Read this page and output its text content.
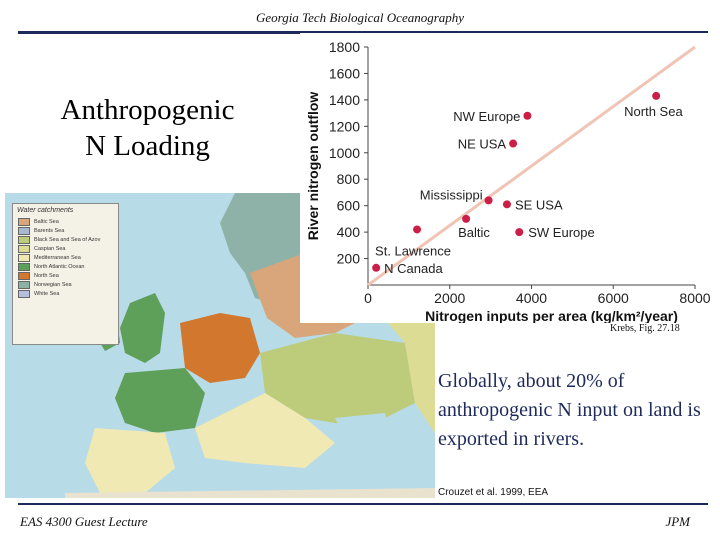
Georgia Tech Biological Oceanography
Anthropogenic
N Loading
Water catchments
Baltic Sea
Barents Sea
Black Sea and Sea of Azov
Caspian Sea
Mediterranean Sea
North Atlantic Ocean
North Sea
Norwegian Sea
White Sea
200
400
600
800
1000
1200
1400
1600
1800
0	2000	4000	6000	8000
Nitrogen inputs per area (kg/km²/year)
River nitrogen outflow
N Canada
St. Lawrence
Baltic
Mississippi
SE USA
SW Europe
NE USA
NW Europe	North Sea
Krebs, Fig. 27.18
Globally, about 20% of anthropogenic N input on land is exported in rivers.
Crouzet et al. 1999, EEA
EAS 4300 Guest Lecture	JPM
